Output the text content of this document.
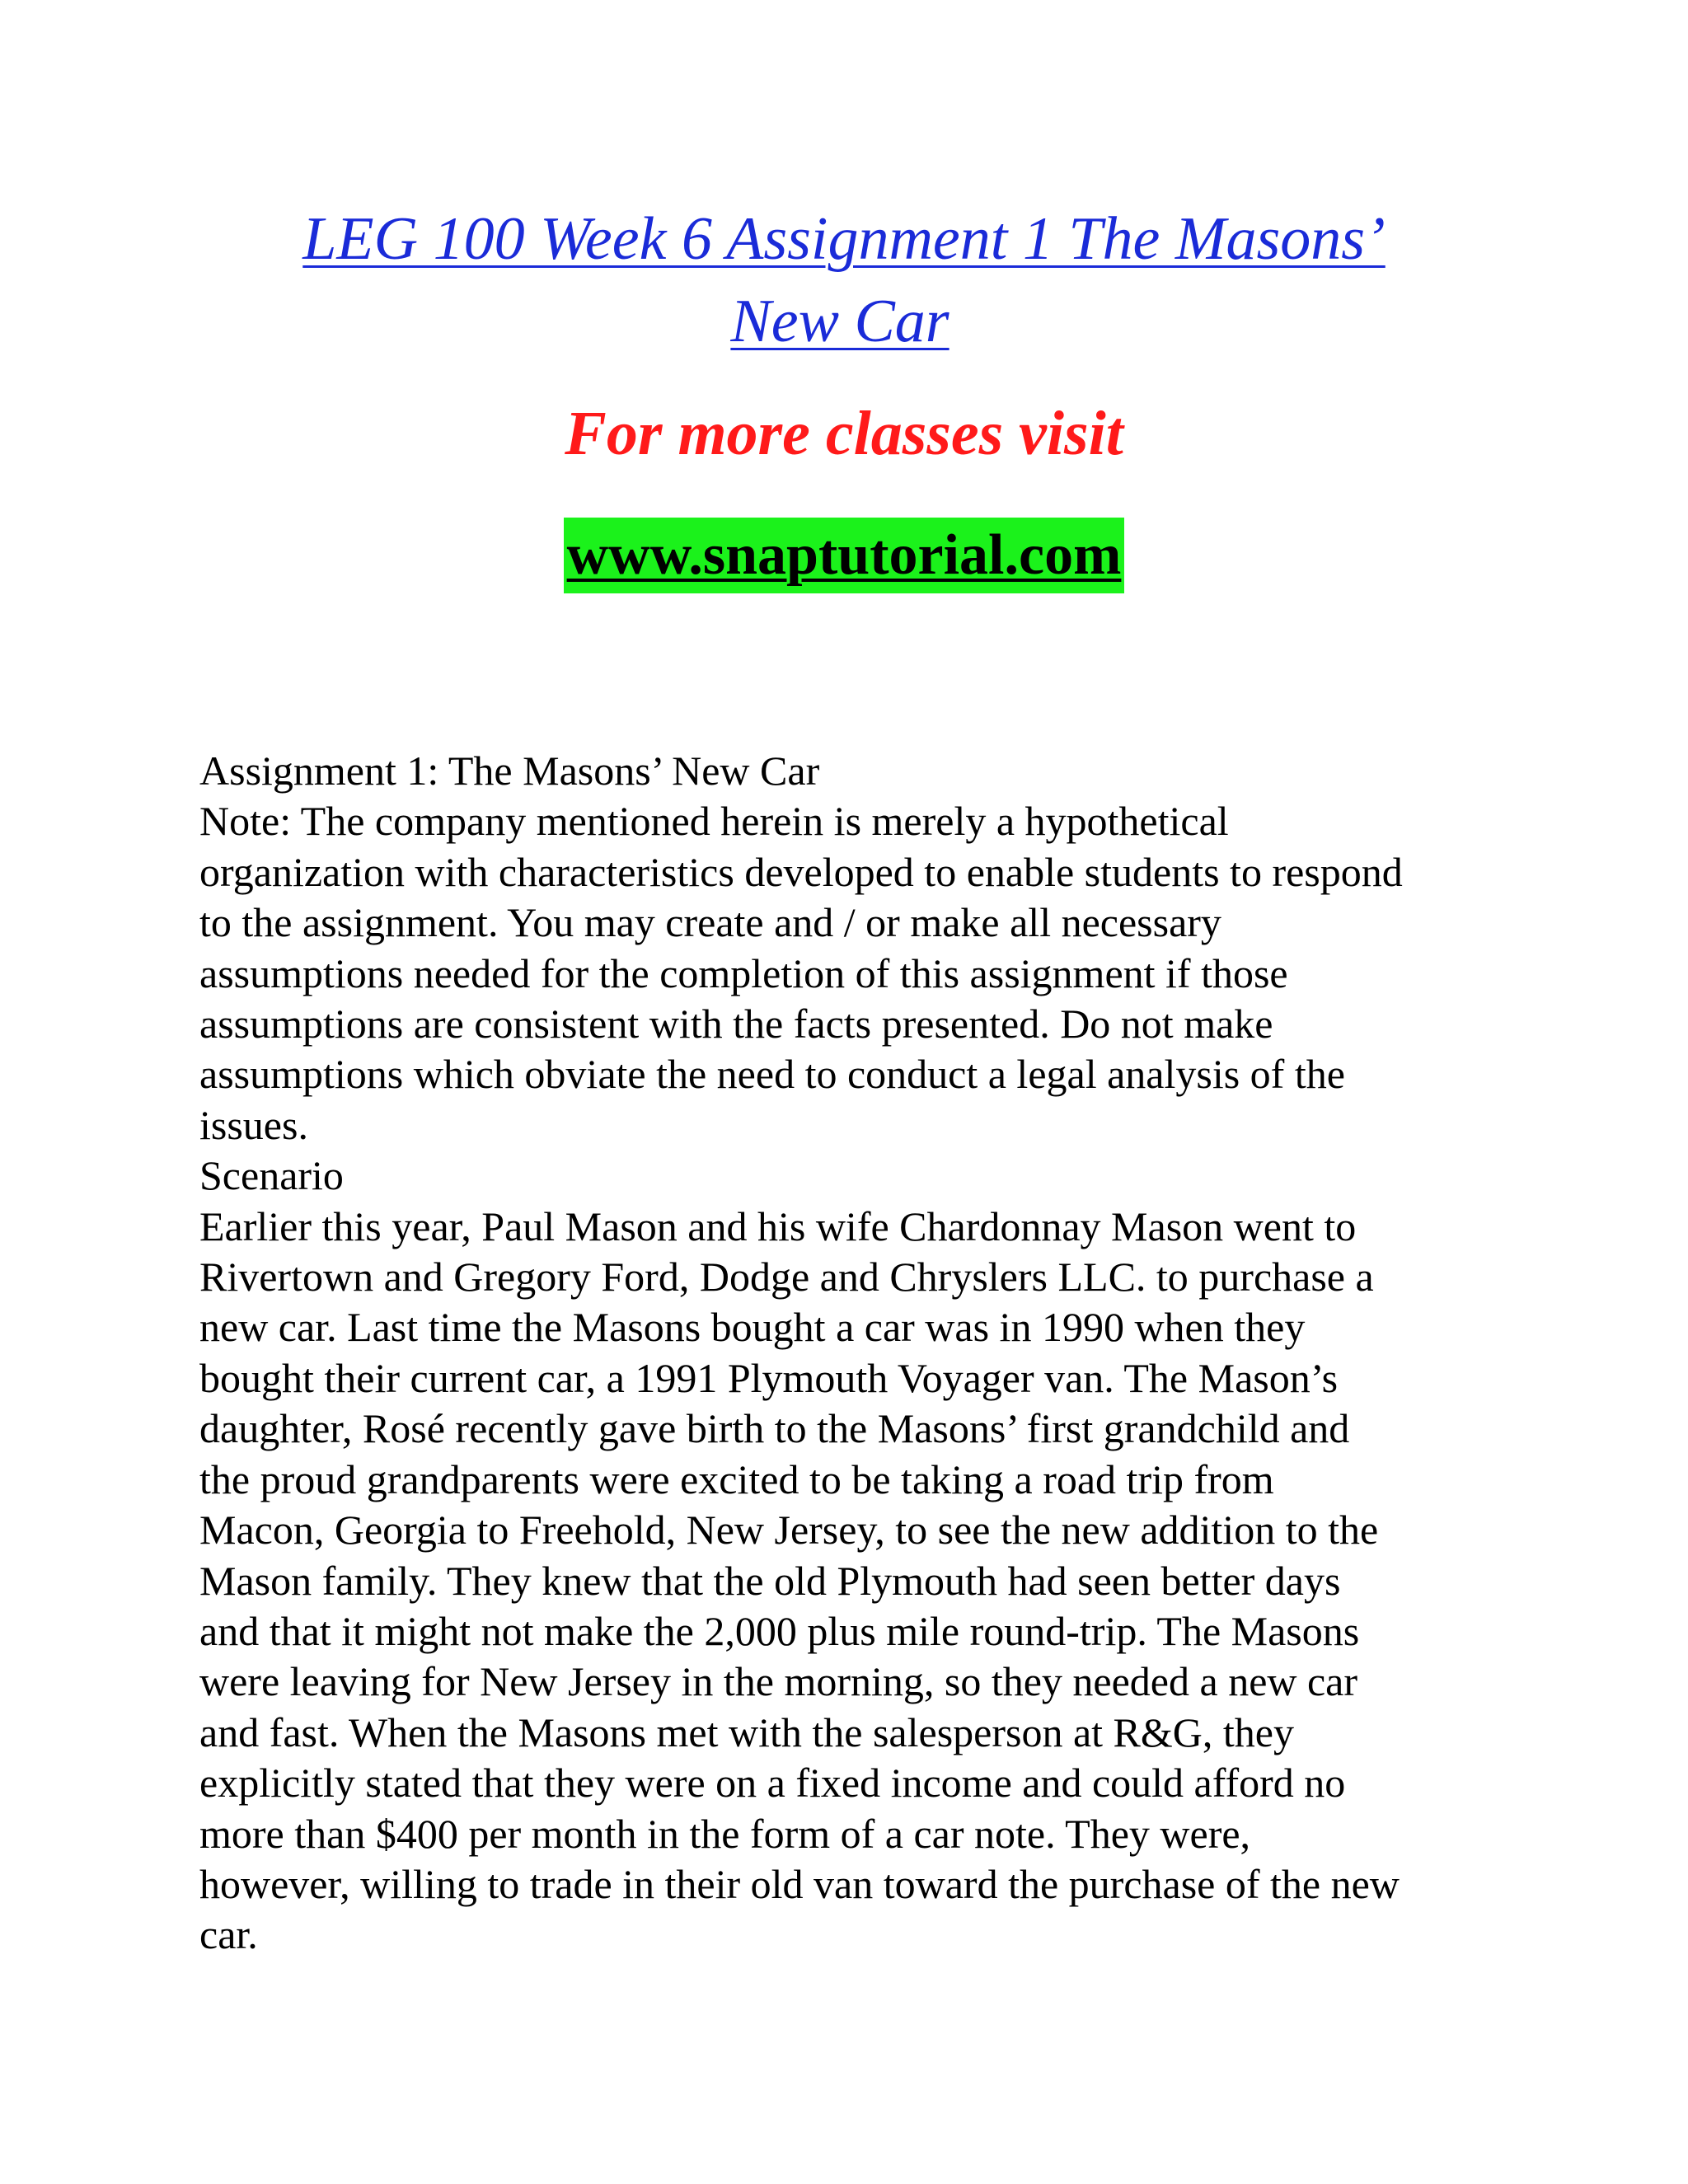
LEG 100 Week 6 Assignment 1 The Masons’
New Car
For more classes visit
www.snaptutorial.com
Assignment 1: The Masons’ New Car
Note: The company mentioned herein is merely a hypothetical
organization with characteristics developed to enable students to respond
to the assignment. You may create and / or make all necessary
assumptions needed for the completion of this assignment if those
assumptions are consistent with the facts presented. Do not make
assumptions which obviate the need to conduct a legal analysis of the
issues.
Scenario
Earlier this year, Paul Mason and his wife Chardonnay Mason went to
Rivertown and Gregory Ford, Dodge and Chryslers LLC. to purchase a
new car. Last time the Masons bought a car was in 1990 when they
bought their current car, a 1991 Plymouth Voyager van. The Mason’s
daughter, Rosé recently gave birth to the Masons’ first grandchild and
the proud grandparents were excited to be taking a road trip from
Macon, Georgia to Freehold, New Jersey, to see the new addition to the
Mason family. They knew that the old Plymouth had seen better days
and that it might not make the 2,000 plus mile round-trip. The Masons
were leaving for New Jersey in the morning, so they needed a new car
and fast. When the Masons met with the salesperson at R&G, they
explicitly stated that they were on a fixed income and could afford no
more than $400 per month in the form of a car note. They were,
however, willing to trade in their old van toward the purchase of the new
car.
